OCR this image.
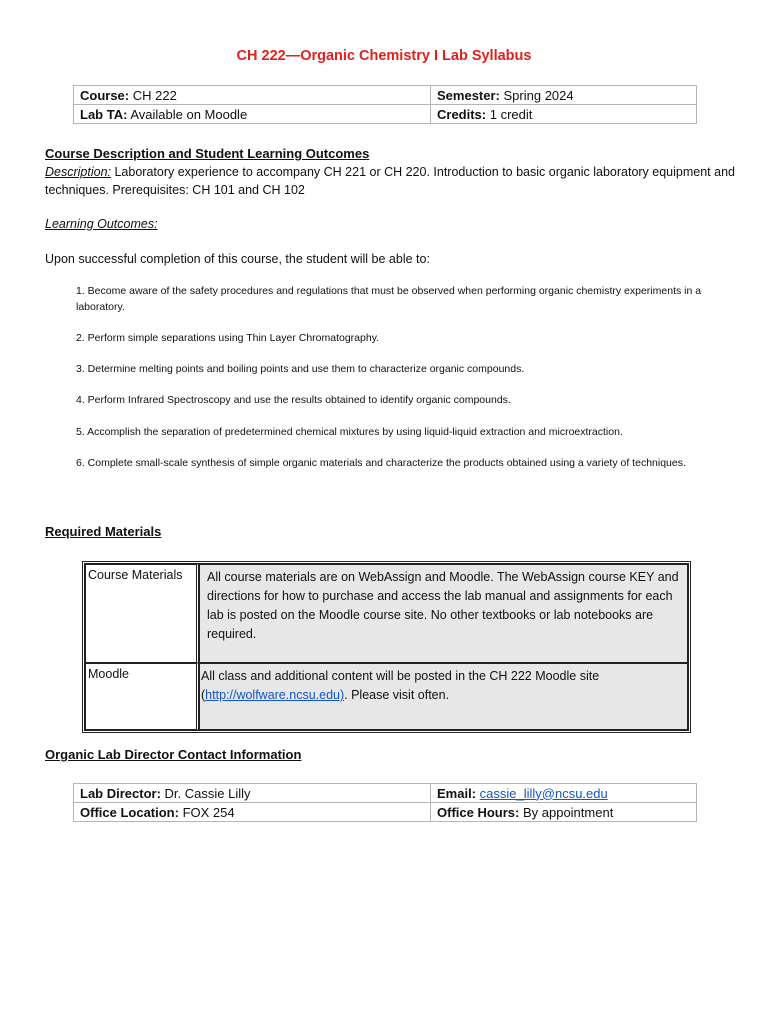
CH 222—Organic Chemistry I Lab Syllabus
Course: CH 222	Semester: Spring 2024
Lab TA: Available on Moodle	Credits: 1 credit
Course Description and Student Learning Outcomes
Description: Laboratory experience to accompany CH 221 or CH 220. Introduction to basic organic laboratory equipment and techniques. Prerequisites: CH 101 and CH 102
Learning Outcomes:
Upon successful completion of this course, the student will be able to:
1. Become aware of the safety procedures and regulations that must be observed when performing organic chemistry experiments in a laboratory.
2. Perform simple separations using Thin Layer Chromatography.
3. Determine melting points and boiling points and use them to characterize organic compounds.
4. Perform Infrared Spectroscopy and use the results obtained to identify organic compounds.
5. Accomplish the separation of predetermined chemical mixtures by using liquid-liquid extraction and microextraction.
6. Complete small-scale synthesis of simple organic materials and characterize the products obtained using a variety of techniques.
Required Materials
Course Materials	All course materials are on WebAssign and Moodle. The WebAssign course KEY and directions for how to purchase and access the lab manual and assignments for each lab is posted on the Moodle course site. No other textbooks or lab notebooks are required.
Moodle	All class and additional content will be posted in the CH 222 Moodle site (http://wolfware.ncsu.edu). Please visit often.
Organic Lab Director Contact Information
Lab Director: Dr. Cassie Lilly	Email: cassie_lilly@ncsu.edu
Office Location: FOX 254	Office Hours: By appointment
